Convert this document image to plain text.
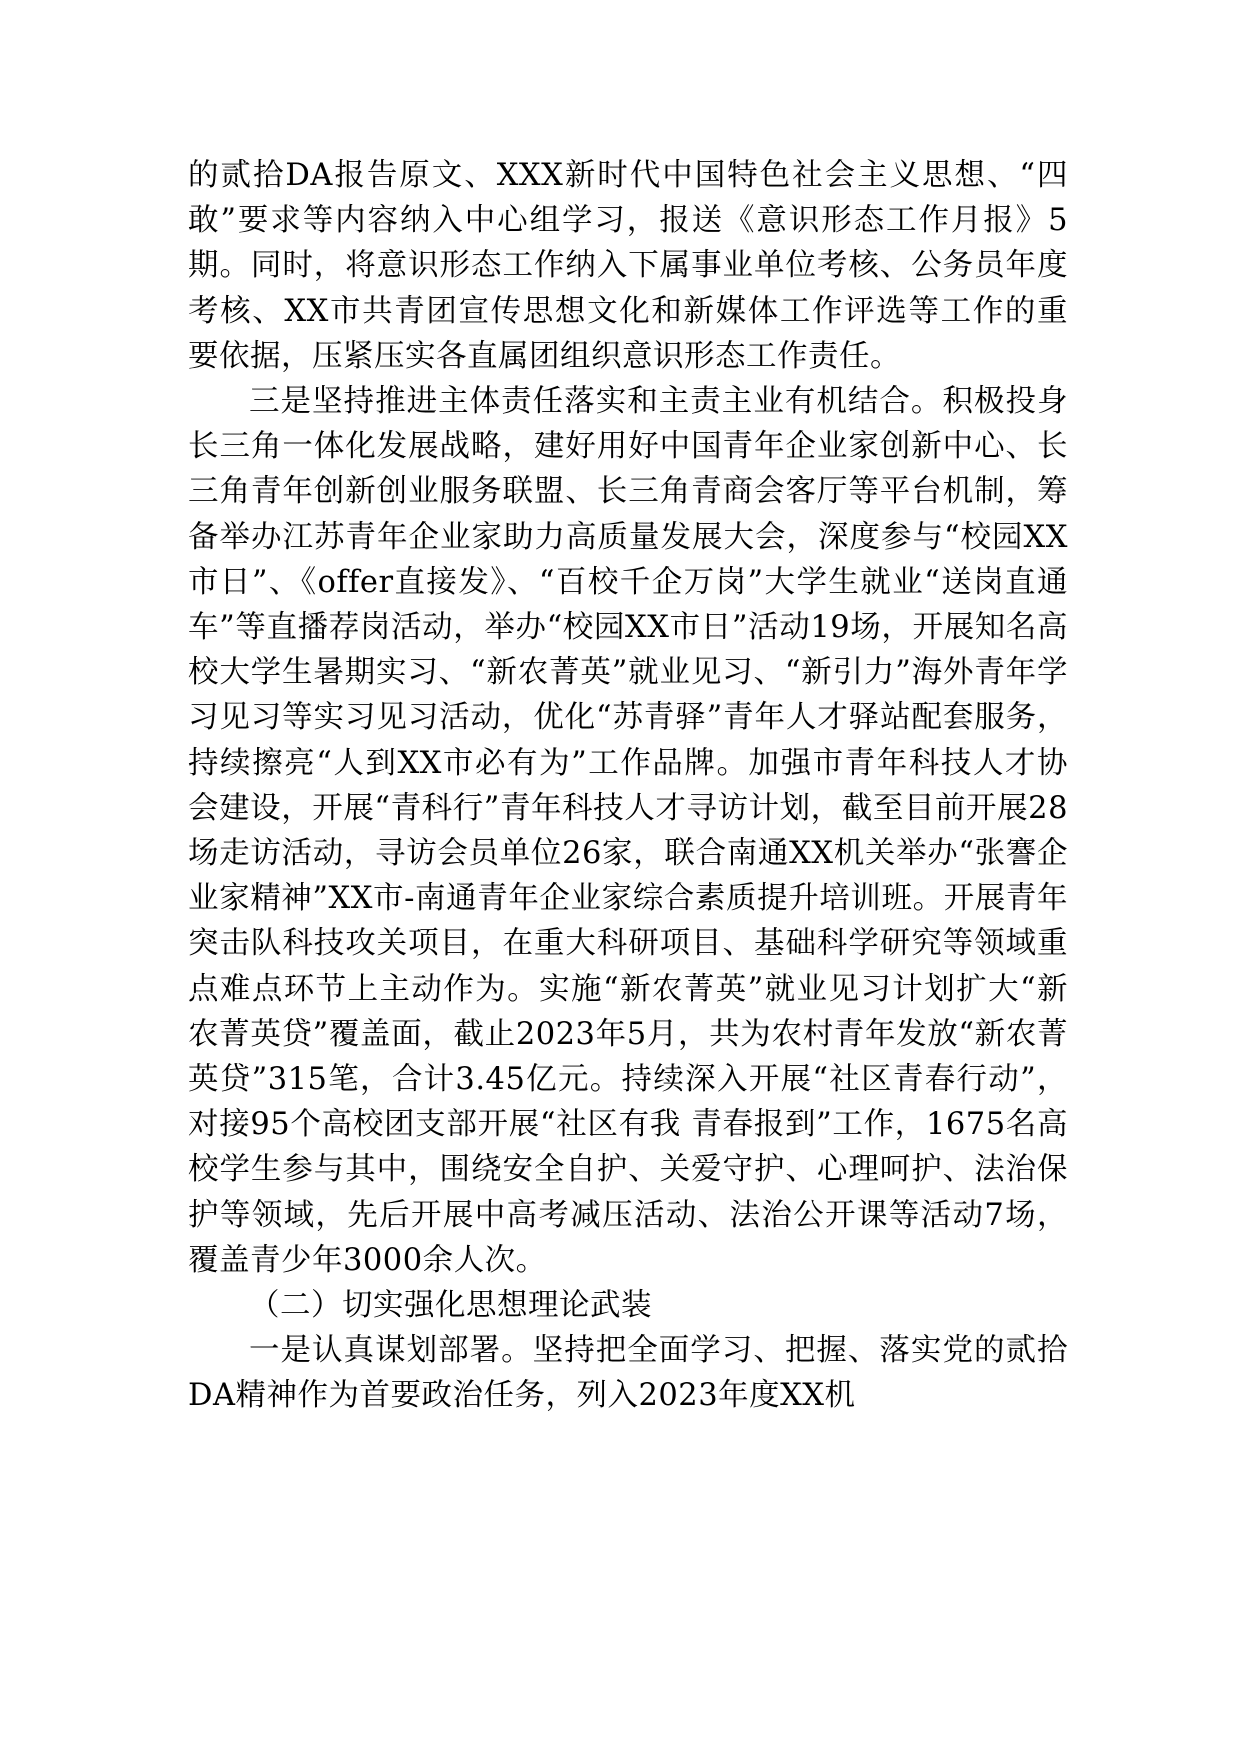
的贰拾DA报告原文、XXX新时代中国特色社会主义思想、“四敢”要求等内容纳入中心组学习，报送《意识形态工作月报》5期。同时，将意识形态工作纳入下属事业单位考核、公务员年度考核、XX市共青团宣传思想文化和新媒体工作评选等工作的重要依据，压紧压实各直属团组织意识形态工作责任。

三是坚持推进主体责任落实和主责主业有机结合。积极投身长三角一体化发展战略，建好用好中国青年企业家创新中心、长三角青年创新创业服务联盟、长三角青商会客厅等平台机制，筹备举办江苏青年企业家助力高质量发展大会，深度参与“校园XX市日”、《offer直接发》、“百校千企万岗”大学生就业“送岗直通车”等直播荐岗活动，举办“校园XX市日”活动19场，开展知名高校大学生暑期实习、“新农菁英”就业见习、“新引力”海外青年学习见习等实习见习活动，优化“苏青驿”青年人才驿站配套服务，持续擦亮“人到XX市必有为”工作品牌。加强市青年科技人才协会建设，开展“青科行”青年科技人才寻访计划，截至目前开展28场走访活动，寻访会员单位26家，联合南通XX机关举办“张謇企业家精神”XX市-南通青年企业家综合素质提升培训班。开展青年突击队科技攻关项目，在重大科研项目、基础科学研究等领域重点难点环节上主动作为。实施“新农菁英”就业见习计划扩大“新农菁英贷”覆盖面，截止2023年5月，共为农村青年发放“新农菁英贷”315笔，合计3.45亿元。持续深入开展“社区青春行动”，对接95个高校团支部开展“社区有我 青春报到”工作，1675名高校学生参与其中，围绕安全自护、关爱守护、心理呵护、法治保护等领域，先后开展中高考减压活动、法治公开课等活动7场，覆盖青少年3000余人次。

（二）切实强化思想理论武装

一是认真谋划部署。坚持把全面学习、把握、落实党的贰拾DA精神作为首要政治任务，列入2023年度XX机
